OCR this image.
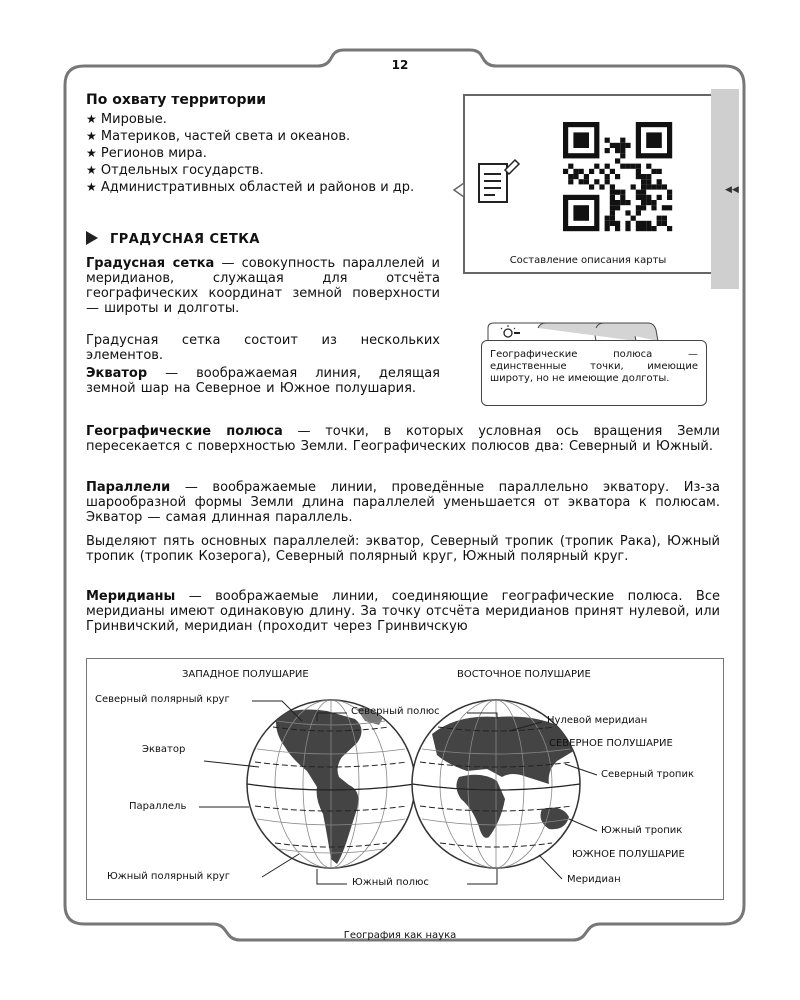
12
По охвату территории
★ Мировые.
★ Материков, частей света и океанов.
★ Регионов мира.
★ Отдельных государств.
★ Административных областей и районов и др.
Составление описания карты
◀◀
ГРАДУСНАЯ СЕТКА

Градусная сетка — совокупность параллелей и меридианов, служащая для отсчёта географических координат земной поверхности — широты и долготы.

Градусная сетка состоит из нескольких элементов.

Экватор — воображаемая линия, делящая земной шар на Северное и Южное полушария.

Географические полюса — единственные точки, имеющие широту, но не имеющие долготы.

Географические полюса — точки, в которых условная ось вращения Земли пересекается с поверхностью Земли. Географических полюсов два: Северный и Южный.

Параллели — воображаемые линии, проведённые параллельно экватору. Из-за шарообразной формы Земли длина параллелей уменьшается от экватора к полюсам. Экватор — самая длинная параллель.

Выделяют пять основных параллелей: экватор, Северный тропик (тропик Рака), Южный тропик (тропик Козерога), Северный полярный круг, Южный полярный круг.

Меридианы — воображаемые линии, соединяющие географические полюса. Все меридианы имеют одинаковую длину. За точку отсчёта меридианов принят нулевой, или Гринвичский, меридиан (проходит через Гринвичскую

ЗАПАДНОЕ ПОЛУШАРИЕ	ВОСТОЧНОЕ ПОЛУШАРИЕ
Северный полярный круг
Экватор
Параллель
Южный полярный круг
Северный полюс
Южный полюс
Нулевой меридиан
СЕВЕРНОЕ ПОЛУШАРИЕ
Северный тропик
Южный тропик
ЮЖНОЕ ПОЛУШАРИЕ
Меридиан
География как наука
